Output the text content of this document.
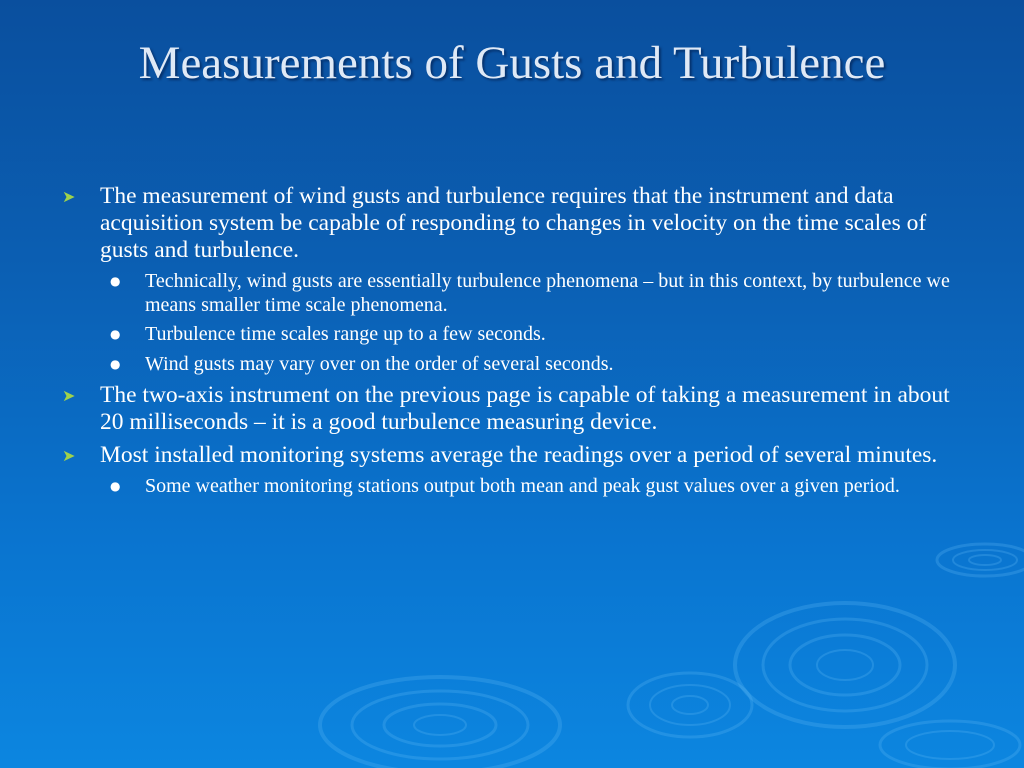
Measurements of Gusts and Turbulence
➤ The measurement of wind gusts and turbulence requires that the instrument and data acquisition system be capable of responding to changes in velocity on the time scales of gusts and turbulence.
● Technically, wind gusts are essentially turbulence phenomena – but in this context, by turbulence we means smaller time scale phenomena.
● Turbulence time scales range up to a few seconds.
● Wind gusts may vary over on the order of several seconds.
➤ The two-axis instrument on the previous page is capable of taking a measurement in about 20 milliseconds – it is a good turbulence measuring device.
➤ Most installed monitoring systems average the readings over a period of several minutes.
● Some weather monitoring stations output both mean and peak gust values over a given period.
